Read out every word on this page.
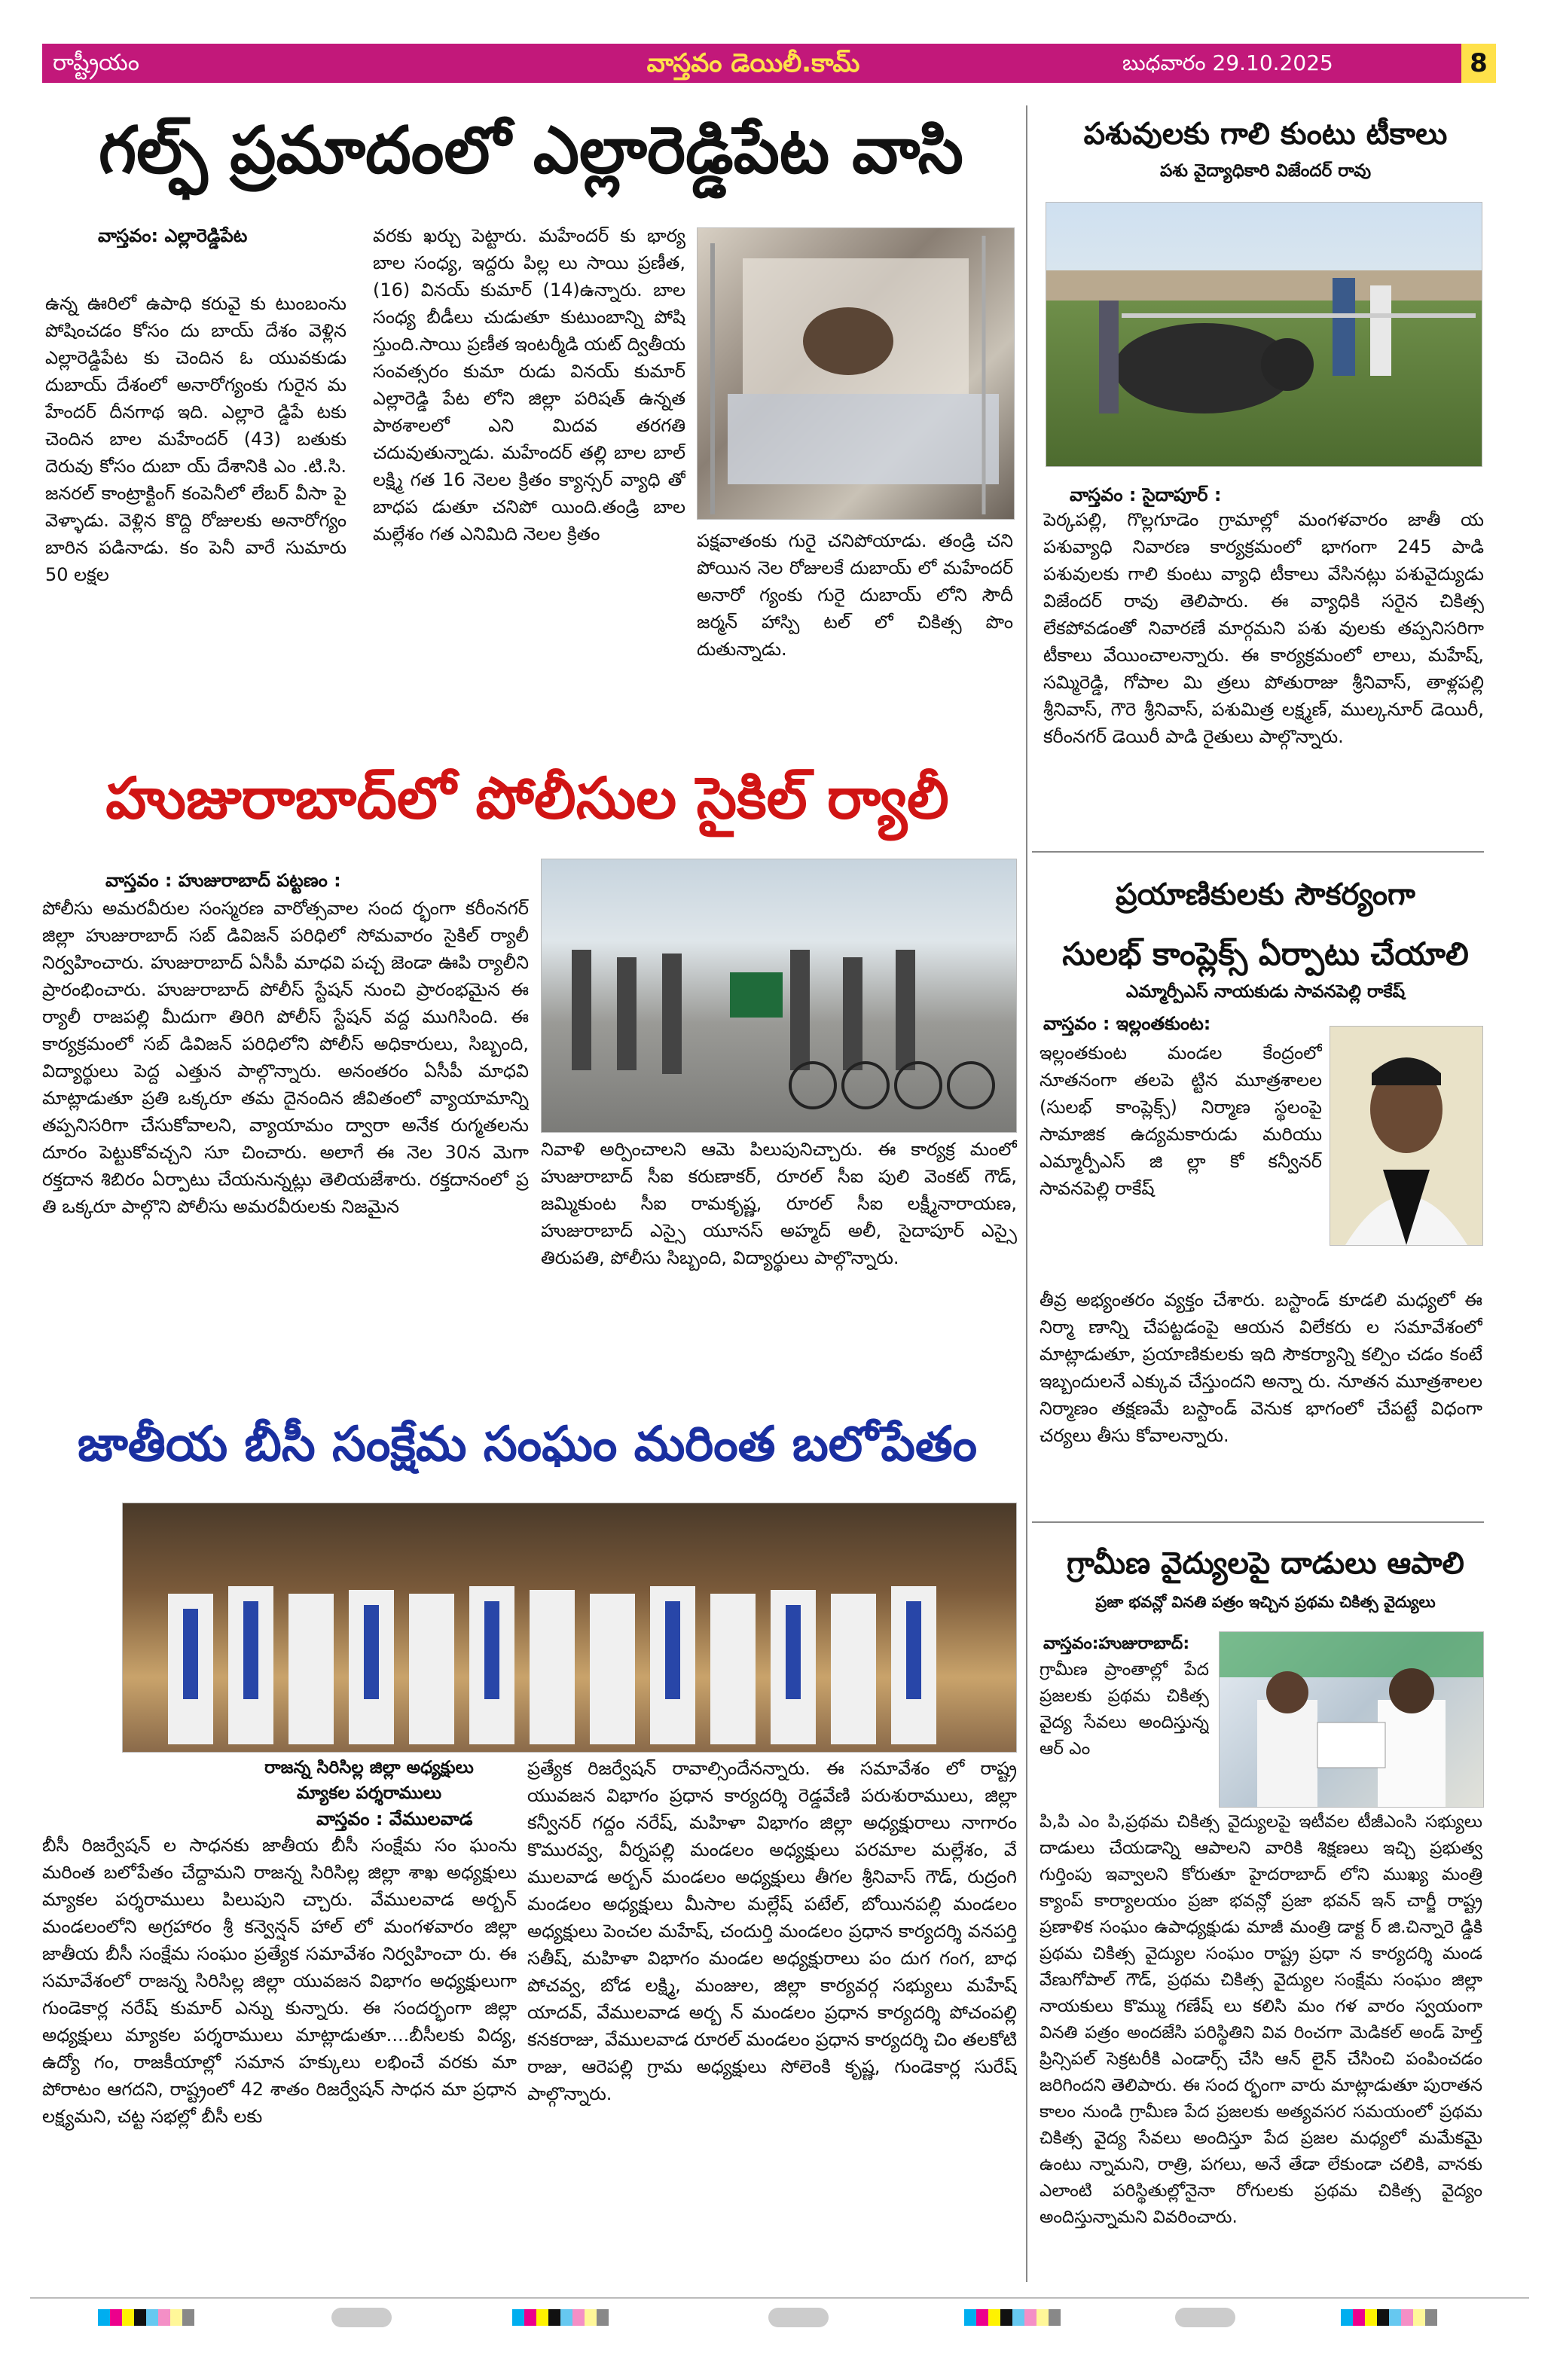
రాష్ట్రీయం	వాస్తవం డెయిలీ.కామ్	బుధవారం 29.10.2025	8
గల్ఫ్ ప్రమాదంలో ఎల్లారెడ్డిపేట వాసి
వాస్తవం: ఎల్లారెడ్డిపేట
ఉన్న ఊరిలో ఉపాధి కరువై కు టుంబంను పోషించడం కోసం దు బాయ్ దేశం వెళ్లిన ఎల్లారెడ్డిపేట కు చెందిన ఓ యువకుడు దుబాయ్ దేశంలో అనారోగ్యంకు గురైన మ హేందర్ దీనగాథ ఇది. ఎల్లారె డ్డిపే టకు చెందిన బాల మహేందర్ (43) బతుకు దెరువు కోసం దుబా య్ దేశానికి ఎం .టి.సి. జనరల్ కాంట్రాక్టింగ్ కంపెనీలో లేబర్ వీసా పై వెళ్ళాడు. వెళ్లిన కొద్ది రోజులకు అనారోగ్యం బారిన పడినాడు. కం పెనీ వారే సుమారు 50 లక్షల
వరకు ఖర్చు పెట్టారు. మహేందర్ కు భార్య బాల సంధ్య, ఇద్దరు పిల్ల లు సాయి ప్రణీత, (16) వినయ్ కుమార్ (14)ఉన్నారు. బాల సంధ్య బీడీలు చుడుతూ కుటుంబాన్ని పోషి స్తుంది.సాయి ప్రణీత ఇంటర్మీడి యట్ ద్వితీయ సంవత్సరం కుమా రుడు వినయ్ కుమార్ ఎల్లారెడ్డి పేట లోని జిల్లా పరిషత్ ఉన్నత పాఠశాలలో ఎని మిదవ తరగతి చదువుతున్నాడు. మహేందర్ తల్లి బాల బాల్ లక్ష్మి గత 16 నెలల క్రితం క్యాన్సర్ వ్యాధి తో బాధప డుతూ చనిపో యింది.తండ్రి బాల మల్లేశం గత ఎనిమిది నెలల క్రితం	పక్షవాతంకు గురై చనిపోయాడు. తండ్రి చని పోయిన నెల రోజులకే దుబాయ్ లో మహేందర్ అనారో గ్యంకు గురై దుబాయ్ లోని సౌదీ జర్మన్ హాస్పి టల్ లో చికిత్స పొం దుతున్నాడు.
పశువులకు గాలి కుంటు టీకాలు
పశు వైద్యాధికారి విజేందర్ రావు
వాస్తవం : సైదాపూర్ :
పెర్కపల్లి, గొల్లగూడెం గ్రామాల్లో మంగళవారం జాతీ య పశువ్యాధి నివారణ కార్యక్రమంలో భాగంగా 245 పాడి పశువులకు గాలి కుంటు వ్యాధి టీకాలు వేసినట్లు పశువైద్యుడు విజేందర్ రావు తెలిపారు. ఈ వ్యాధికి సరైన చికిత్స లేకపోవడంతో నివారణే మార్గమని పశు వులకు తప్పనిసరిగా టీకాలు వేయించాలన్నారు. ఈ కార్యక్రమంలో లాలు, మహేష్, సమ్మిరెడ్డి, గోపాల మి త్రలు పోతురాజు శ్రీనివాస్, తాళ్లపల్లి శ్రీనివాస్, గౌరె శ్రీనివాస్, పశుమిత్ర లక్ష్మణ్, ముల్కనూర్ డెయిరీ, కరీంనగర్ డెయిరీ పాడి రైతులు పాల్గొన్నారు.
హుజురాబాద్‌లో పోలీసుల సైకిల్ ర్యాలీ
వాస్తవం : హుజురాబాద్ పట్టణం :
పోలీసు అమరవీరుల సంస్మరణ వారోత్సవాల సంద ర్భంగా కరీంనగర్ జిల్లా హుజురాబాద్ సబ్ డివిజన్ పరిధిలో సోమవారం సైకిల్ ర్యాలీ నిర్వహించారు. హుజురాబాద్ ఏసీపీ మాధవి పచ్చ జెండా ఊపి ర్యాలీని ప్రారంభించారు. హుజురాబాద్ పోలీస్ స్టేషన్ నుంచి ప్రారంభమైన ఈ ర్యాలీ రాజపల్లి మీదుగా తిరిగి పోలీస్ స్టేషన్ వద్ద ముగిసింది. ఈ కార్యక్రమంలో సబ్ డివిజన్ పరిధిలోని పోలీస్ అధికారులు, సిబ్బంది, విద్యార్థులు పెద్ద ఎత్తున పాల్గొన్నారు. అనంతరం ఏసీపీ మాధవి మాట్లాడుతూ ప్రతి ఒక్కరూ తమ దైనందిన జీవితంలో వ్యాయామాన్ని తప్పనిసరిగా చేసుకోవాలని, వ్యాయామం ద్వారా అనేక రుగ్మతలను దూరం పెట్టుకోవచ్చని సూ చించారు. అలాగే ఈ నెల 30న మెగా రక్తదాన శిబిరం ఏర్పాటు చేయనున్నట్లు తెలియజేశారు. రక్తదానంలో ప్ర తి ఒక్కరూ పాల్గొని పోలీసు అమరవీరులకు నిజమైన
నివాళి అర్పించాలని ఆమె పిలుపునిచ్చారు. ఈ కార్యక్ర మంలో హుజురాబాద్ సీఐ కరుణాకర్, రూరల్ సీఐ పులి వెంకట్ గౌడ్, జమ్మికుంట సీఐ రామకృష్ణ, రూరల్ సీఐ లక్ష్మీనారాయణ, హుజురాబాద్ ఎస్సై యూనస్ అహ్మద్ అలీ, సైదాపూర్ ఎస్సై తిరుపతి, పోలీసు సిబ్బంది, విద్యార్థులు పాల్గొన్నారు.
ప్రయాణికులకు సౌకర్యంగా
సులభ్ కాంప్లెక్స్ ఏర్పాటు చేయాలి
ఎమ్మార్పీఎస్ నాయకుడు సావనపెల్లి రాకేష్
వాస్తవం : ఇల్లంతకుంట:
ఇల్లంతకుంట మండల కేంద్రంలో నూతనంగా తలపె ట్టిన మూత్రశాలల (సులభ్ కాంప్లెక్స్) నిర్మాణ స్థలంపై సామాజిక ఉద్యమకారుడు మరియు ఎమ్మార్పీఎస్ జి ల్లా కో కన్వీనర్ సావనపెల్లి రాకేష్
తీవ్ర అభ్యంతరం వ్యక్తం చేశారు. బస్టాండ్ కూడలి మధ్యలో ఈ నిర్మా ణాన్ని చేపట్టడంపై ఆయన విలేకరు ల సమావేశంలో మాట్లాడుతూ, ప్రయాణికులకు ఇది సౌకర్యాన్ని కల్పిం చడం కంటే ఇబ్బందులనే ఎక్కువ చేస్తుందని అన్నా రు. నూతన మూత్రశాలల నిర్మాణం తక్షణమే బస్టాండ్ వెనుక భాగంలో చేపట్టే విధంగా చర్యలు తీసు కోవాలన్నారు.
జాతీయ బీసీ సంక్షేమ సంఘం మరింత బలోపేతం
రాజన్న సిరిసిల్ల జిల్లా అధ్యక్షులు
మ్యాకల పర్శరాములు
వాస్తవం : వేములవాడ
బీసీ రిజర్వేషన్ ల సాధనకు జాతీయ బీసీ సంక్షేమ సం ఘంను మరింత బలోపేతం చేద్దామని రాజన్న సిరిసిల్ల జిల్లా శాఖ అధ్యక్షులు మ్యాకల పర్శరాములు పిలుపుని చ్చారు. వేములవాడ అర్బన్ మండలంలోని అగ్రహారం శ్రీ కన్వెన్షన్ హాల్ లో మంగళవారం జిల్లా జాతీయ బీసీ సంక్షేమ సంఘం ప్రత్యేక సమావేశం నిర్వహించా రు. ఈ సమావేశంలో రాజన్న సిరిసిల్ల జిల్లా యువజన విభాగం అధ్యక్షులుగా గుండెకార్ల నరేష్ కుమార్ ఎన్ను కున్నారు. ఈ సందర్భంగా జిల్లా అధ్యక్షులు మ్యాకల పర్శరాములు మాట్లాడుతూ....బీసీలకు విద్య, ఉద్యో గం, రాజకీయాల్లో సమాన హక్కులు లభించే వరకు మా పోరాటం ఆగదని, రాష్ట్రంలో 42 శాతం రిజర్వేషన్ సాధన మా ప్రధాన లక్ష్యమని, చట్ట సభల్లో బీసీ లకు
ప్రత్యేక రిజర్వేషన్ రావాల్సిందేనన్నారు. ఈ సమావేశం లో రాష్ట్ర యువజన విభాగం ప్రధాన కార్యదర్శి రెడ్డవేణి పరుశురాములు, జిల్లా కన్వీనర్ గద్దం నరేష్, మహిళా విభాగం జిల్లా అధ్యక్షురాలు నాగారం కొమురవ్వ, వీర్నపల్లి మండలం అధ్యక్షులు పరమాల మల్లేశం, వే ములవాడ అర్బన్ మండలం అధ్యక్షులు తీగల శ్రీనివాస్ గౌడ్, రుద్రంగి మండలం అధ్యక్షులు మీసాల మల్లేష్ పటేల్, బోయినపల్లి మండలం అధ్యక్షులు పెంచల మహేష్, చందుర్తి మండలం ప్రధాన కార్యదర్శి వనపర్తి సతీష్, మహిళా విభాగం మండల అధ్యక్షురాలు పం దుగ గంగ, బాధ పోచవ్వ, బోడ లక్ష్మి, మంజుల, జిల్లా కార్యవర్గ సభ్యులు మహేష్ యాదవ్, వేములవాడ అర్బ న్ మండలం ప్రధాన కార్యదర్శి పోచంపల్లి కనకరాజు, వేములవాడ రూరల్ మండలం ప్రధాన కార్యదర్శి చిం తలకోటి రాజు, ఆరెపల్లి గ్రామ అధ్యక్షులు సోలెంకి కృష్ణ, గుండెకార్ల సురేష్ పాల్గొన్నారు.
గ్రామీణ వైద్యులపై దాడులు ఆపాలి
ప్రజా భవన్లో వినతి పత్రం ఇచ్చిన ప్రథమ చికిత్స వైద్యులు
వాస్తవం:హుజురాబాద్:
గ్రామీణ ప్రాంతాల్లో పేద ప్రజలకు ప్రథమ చికిత్స వైద్య సేవలు అందిస్తున్న ఆర్ ఎం
పి,పి ఎం పి,ప్రథమ చికిత్స వైద్యులపై ఇటీవల టీజీఎంసి సభ్యులు దాడులు చేయడాన్ని ఆపాలని వారికి శిక్షణలు ఇచ్చి ప్రభుత్వ గుర్తింపు ఇవ్వాలని కోరుతూ హైదరాబాద్ లోని ముఖ్య మంత్రి క్యాంప్ కార్యాలయం ప్రజా భవన్లో ప్రజా భవన్ ఇన్ చార్జీ రాష్ట్ర ప్రణాళిక సంఘం ఉపాధ్యక్షుడు మాజీ మంత్రి డాక్ట ర్ జి.చిన్నారె డ్డికి ప్రథమ చికిత్స వైద్యుల సంఘం రాష్ట్ర ప్రధా న కార్యదర్శి మండ వేణుగోపాల్ గౌడ్, ప్రథమ చికిత్స వైద్యుల సంక్షేమ సంఘం జిల్లా నాయకులు కొమ్ము గణేష్ లు కలిసి మం గళ వారం స్వయంగా వినతి పత్రం అందజేసి పరిస్థితిని వివ రించగా మెడికల్ అండ్ హెల్త్ ప్రిన్సిపల్ సెక్రటరీకి ఎండార్స్ చేసి ఆన్ లైన్ చేసించి పంపించడం జరిగిందని తెలిపారు. ఈ సంద ర్భంగా వారు మాట్లాడుతూ పురాతన కాలం నుండి గ్రామీణ పేద ప్రజలకు అత్యవసర సమయంలో ప్రథమ చికిత్స వైద్య సేవలు అందిస్తూ పేద ప్రజల మధ్యలో మమేకమై ఉంటు న్నామని, రాత్రి, పగలు, అనే తేడా లేకుండా చలికి, వానకు ఎలాంటి పరిస్థితుల్లోనైనా రోగులకు ప్రథమ చికిత్స వైద్యం అందిస్తున్నామని వివరించారు.
